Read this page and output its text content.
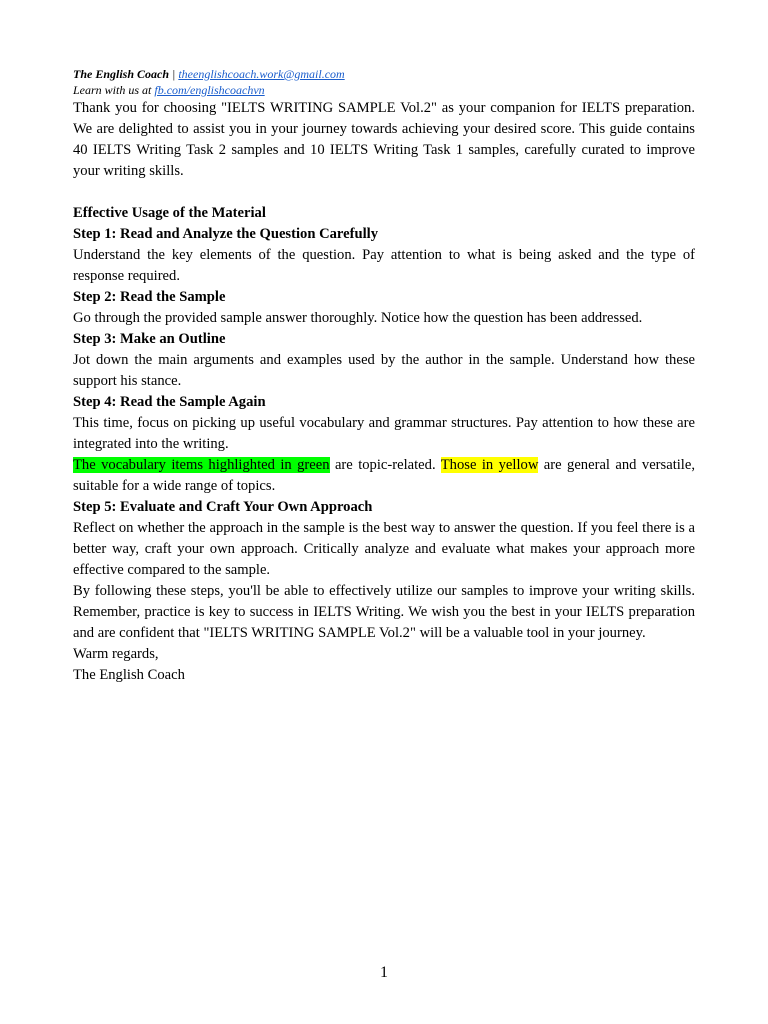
The English Coach | theenglishcoach.work@gmail.com
Learn with us at fb.com/englishcoachvn

Thank you for choosing "IELTS WRITING SAMPLE Vol.2" as your companion for IELTS preparation. We are delighted to assist you in your journey towards achieving your desired score. This guide contains 40 IELTS Writing Task 2 samples and 10 IELTS Writing Task 1 samples, carefully curated to improve your writing skills.

Effective Usage of the Material
Step 1: Read and Analyze the Question Carefully

Understand the key elements of the question. Pay attention to what is being asked and the type of response required.

Step 2: Read the Sample

Go through the provided sample answer thoroughly. Notice how the question has been addressed.

Step 3: Make an Outline

Jot down the main arguments and examples used by the author in the sample. Understand how these support his stance.

Step 4: Read the Sample Again

This time, focus on picking up useful vocabulary and grammar structures. Pay attention to how these are integrated into the writing.

The vocabulary items highlighted in green are topic-related. Those in yellow are general and versatile, suitable for a wide range of topics.

Step 5: Evaluate and Craft Your Own Approach

Reflect on whether the approach in the sample is the best way to answer the question. If you feel there is a better way, craft your own approach. Critically analyze and evaluate what makes your approach more effective compared to the sample.

By following these steps, you'll be able to effectively utilize our samples to improve your writing skills. Remember, practice is key to success in IELTS Writing. We wish you the best in your IELTS preparation and are confident that "IELTS WRITING SAMPLE Vol.2" will be a valuable tool in your journey.

Warm regards,

The English Coach

1
